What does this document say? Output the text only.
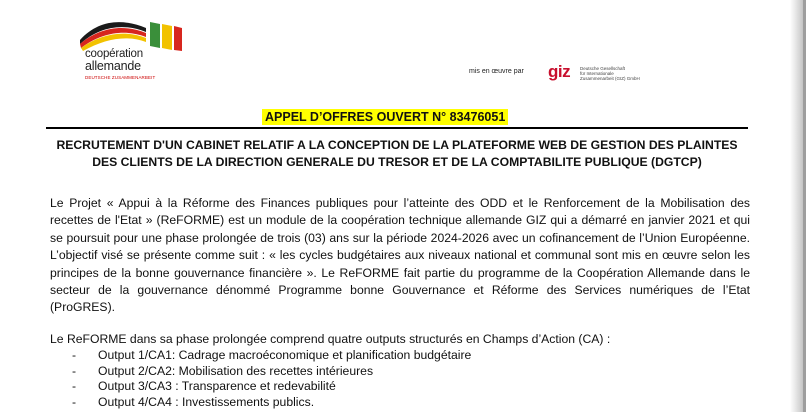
coopération
allemande
DEUTSCHE ZUSAMMENARBEIT
mis en œuvre par giz Deutsche Gesellschaft
für Internationale
Zusammenarbeit (GIZ) GmbH
APPEL D’OFFRES OUVERT N° 83476051
RECRUTEMENT D'UN CABINET RELATIF A LA CONCEPTION DE LA PLATEFORME WEB DE GESTION DES PLAINTES DES CLIENTS DE LA DIRECTION GENERALE DU TRESOR ET DE LA COMPTABILITE PUBLIQUE (DGTCP)
Le Projet « Appui à la Réforme des Finances publiques pour l’atteinte des ODD et le Renforcement de la Mobilisation des recettes de l'Etat » (ReFORME) est un module de la coopération technique allemande GIZ qui a démarré en janvier 2021 et qui se poursuit pour une phase prolongée de trois (03) ans sur la période 2024-2026 avec un cofinancement de l’Union Européenne. L’objectif visé se présente comme suit : « les cycles budgétaires aux niveaux national et communal sont mis en œuvre selon les principes de la bonne gouvernance financière ». Le ReFORME fait partie du programme de la Coopération Allemande dans le secteur de la gouvernance dénommé Programme bonne Gouvernance et Réforme des Services numériques de l’Etat (ProGRES).
Le ReFORME dans sa phase prolongée comprend quatre outputs structurés en Champs d’Action (CA) :
- Output 1/CA1: Cadrage macroéconomique et planification budgétaire
- Output 2/CA2: Mobilisation des recettes intérieures
- Output 3/CA3 : Transparence et redevabilité
- Output 4/CA4 : Investissements publics.
